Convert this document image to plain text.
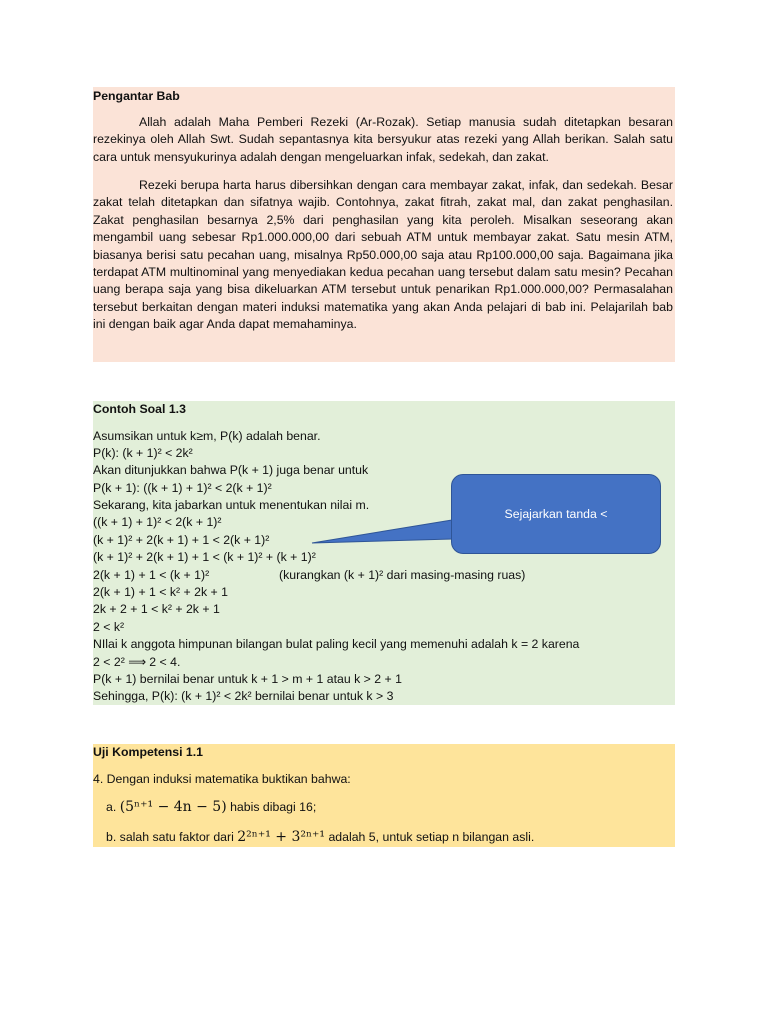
Pengantar Bab

Allah adalah Maha Pemberi Rezeki (Ar-Rozak). Setiap manusia sudah ditetapkan besaran rezekinya oleh Allah Swt. Sudah sepantasnya kita bersyukur atas rezeki yang Allah berikan. Salah satu cara untuk mensyukurinya adalah dengan mengeluarkan infak, sedekah, dan zakat.

Rezeki berupa harta harus dibersihkan dengan cara membayar zakat, infak, dan sedekah. Besar zakat telah ditetapkan dan sifatnya wajib. Contohnya, zakat fitrah, zakat mal, dan zakat penghasilan. Zakat penghasilan besarnya 2,5% dari penghasilan yang kita peroleh. Misalkan seseorang akan mengambil uang sebesar Rp1.000.000,00 dari sebuah ATM untuk membayar zakat. Satu mesin ATM, biasanya berisi satu pecahan uang, misalnya Rp50.000,00 saja atau Rp100.000,00 saja. Bagaimana jika terdapat ATM multinominal yang menyediakan kedua pecahan uang tersebut dalam satu mesin? Pecahan uang berapa saja yang bisa dikeluarkan ATM tersebut untuk penarikan Rp1.000.000,00? Permasalahan tersebut berkaitan dengan materi induksi matematika yang akan Anda pelajari di bab ini. Pelajarilah bab ini dengan baik agar Anda dapat memahaminya.

Contoh Soal 1.3
Asumsikan untuk k≥m, P(k) adalah benar.
P(k): (k + 1)² < 2k²
Akan ditunjukkan bahwa P(k + 1) juga benar untuk
P(k + 1): ((k + 1) + 1)² < 2(k + 1)²
Sekarang, kita jabarkan untuk menentukan nilai m.
((k + 1) + 1)² < 2(k + 1)²
(k + 1)² + 2(k + 1) + 1 < 2(k + 1)²
(k + 1)² + 2(k + 1) + 1 < (k + 1)² + (k + 1)²
2(k + 1) + 1 < (k + 1)²	(kurangkan (k + 1)² dari masing-masing ruas)
2(k + 1) + 1 < k² + 2k + 1
2k + 2 + 1 < k² + 2k + 1
2 < k²
NIlai k anggota himpunan bilangan bulat paling kecil yang memenuhi adalah k = 2 karena
2 < 2² ⟹ 2 < 4.
P(k + 1) bernilai benar untuk k + 1 > m + 1 atau k > 2 + 1
Sehingga, P(k): (k + 1)² < 2k² bernilai benar untuk k > 3
Sejajarkan tanda <
Uji Kompetensi 1.1
4. Dengan induksi matematika buktikan bahwa:
a. (5ⁿ⁺¹ − 4n − 5) habis dibagi 16;
b. salah satu faktor dari 2²ⁿ⁺¹ + 3²ⁿ⁺¹ adalah 5, untuk setiap n bilangan asli.
